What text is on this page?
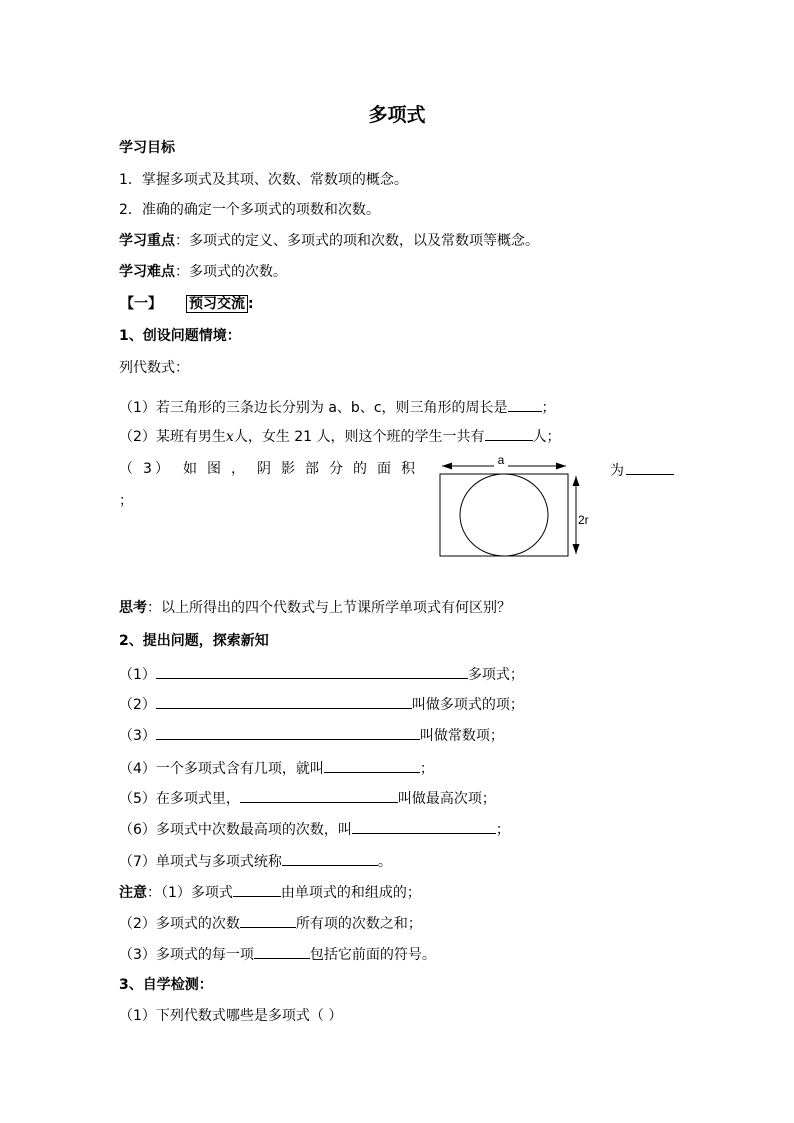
多项式
学习目标
1．掌握多项式及其项、次数、常数项的概念。
2．准确的确定一个多项式的项数和次数。
学习重点：多项式的定义、多项式的项和次数，以及常数项等概念。
学习难点：多项式的次数。
【一】 预习交流 :
1、创设问题情境：
列代数式：
（1）若三角形的三条边长分别为 a、b、c，则三角形的周长是 ；
（2）某班有男生x人，女生 21 人，则这个班的学生一共有	人；
（ 3 ） 如 图 ， 阴 影 部 分 的 面 积	为
；
a
2r
思考：以上所得出的四个代数式与上节课所学单项式有何区别？
2、提出问题，探索新知
（1）	多项式；
（2）	叫做多项式的项；
（3）	叫做常数项；
（4）一个多项式含有几项，就叫	；
（5）在多项式里，	叫做最高次项；
（6）多项式中次数最高项的次数，叫	；
（7）单项式与多项式统称	。
注意：（1）多项式	由单项式的和组成的；
（2）多项式的次数	所有项的次数之和；
（3）多项式的每一项	包括它前面的符号。
3、自学检测：
（1）下列代数式哪些是多项式（ ）
